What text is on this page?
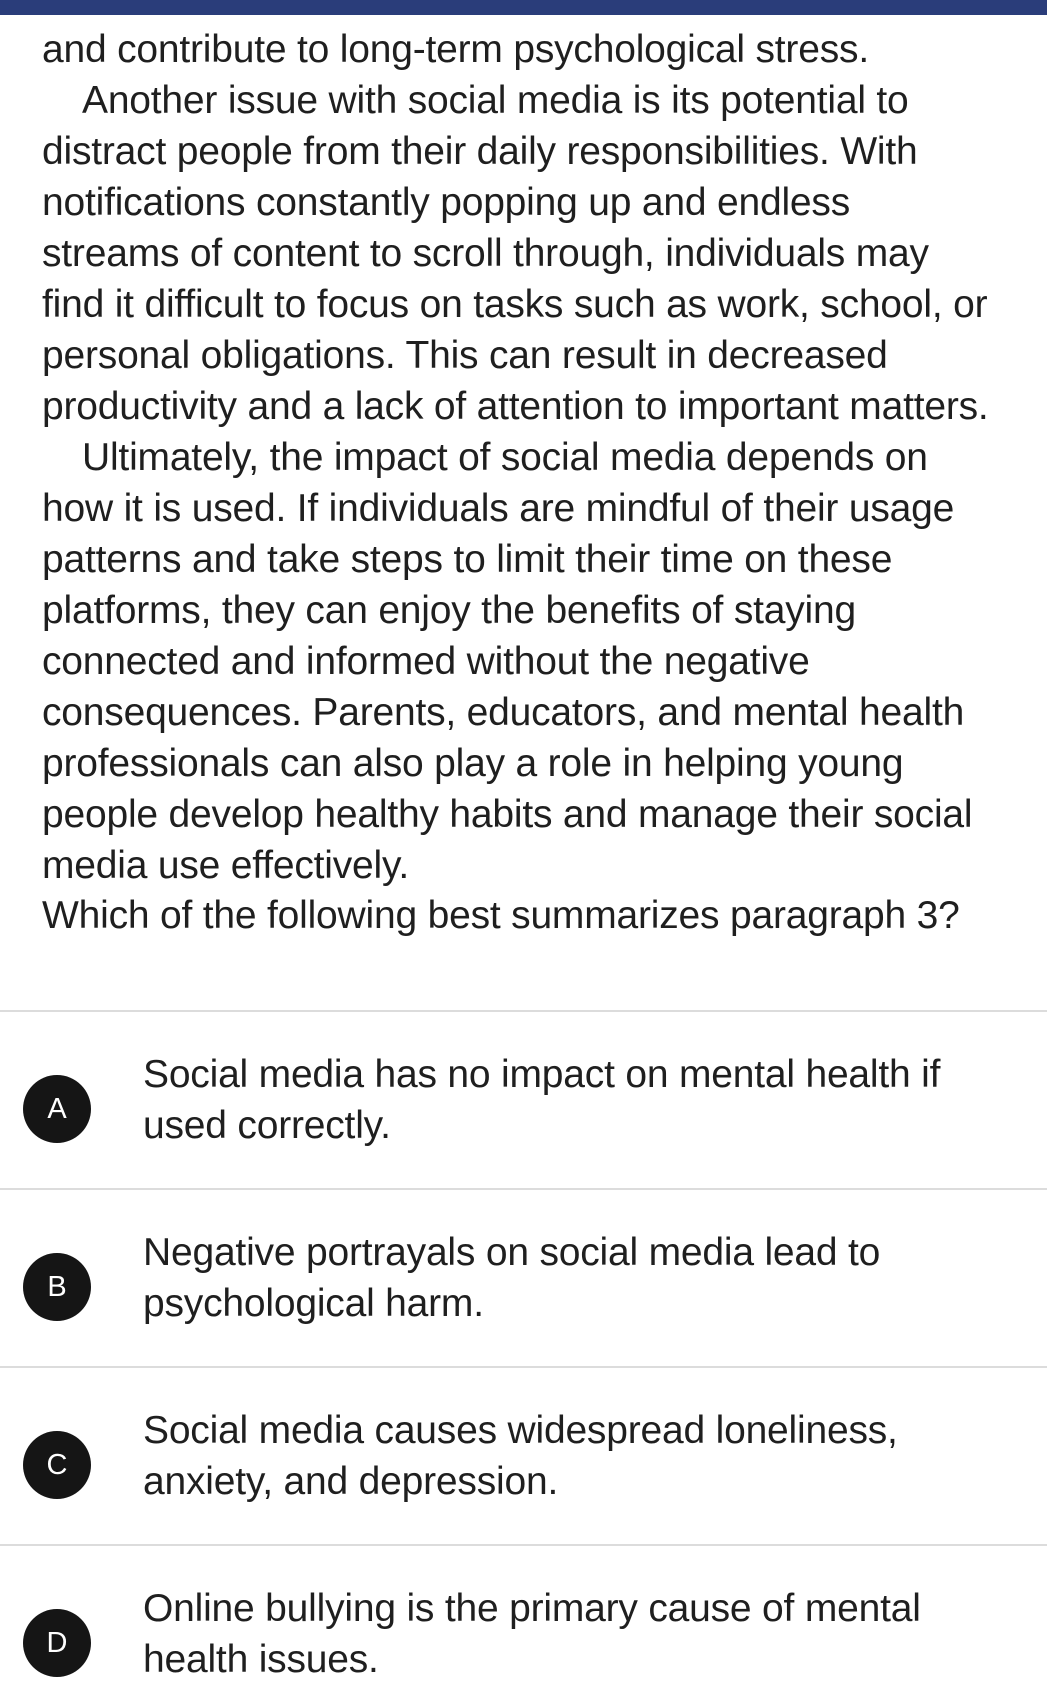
and contribute to long-term psychological stress.

Another issue with social media is its potential to
distract people from their daily responsibilities. With
notifications constantly popping up and endless
streams of content to scroll through, individuals may
find it difficult to focus on tasks such as work, school, or
personal obligations. This can result in decreased
productivity and a lack of attention to important matters.

Ultimately, the impact of social media depends on
how it is used. If individuals are mindful of their usage
patterns and take steps to limit their time on these
platforms, they can enjoy the benefits of staying
connected and informed without the negative
consequences. Parents, educators, and mental health
professionals can also play a role in helping young
people develop healthy habits and manage their social
media use effectively.

Which of the following best summarizes paragraph 3?

A
Social media has no impact on mental health if
used correctly.
B
Negative portrayals on social media lead to
psychological harm.
C
Social media causes widespread loneliness,
anxiety, and depression.
D
Online bullying is the primary cause of mental
health issues.
